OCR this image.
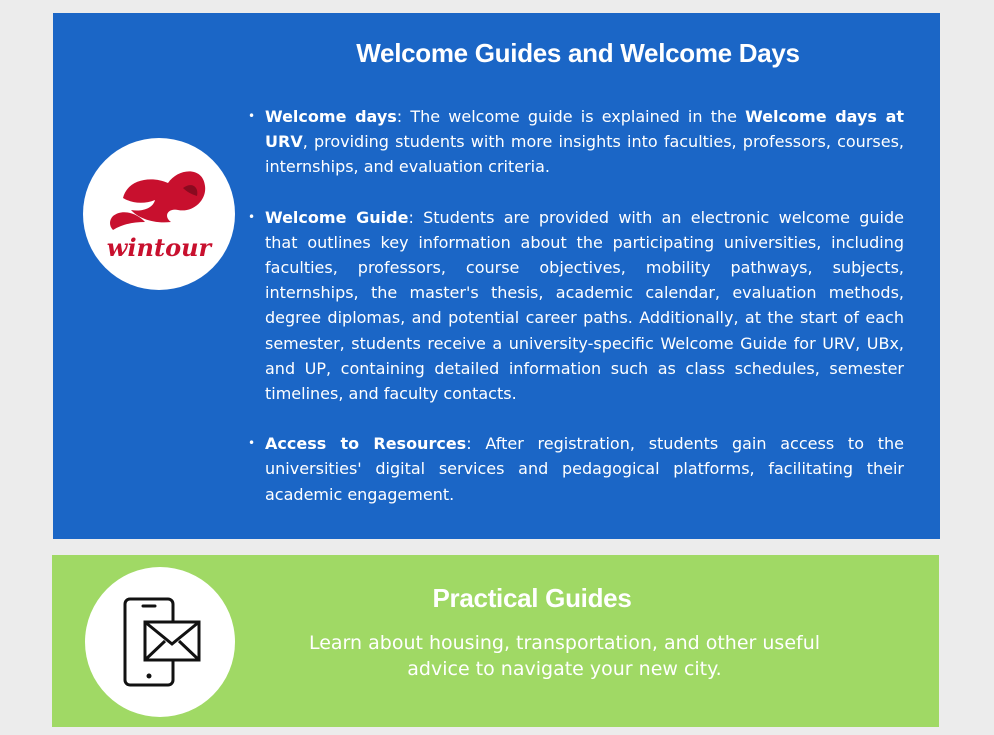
Welcome Guides and Welcome Days
wintour
• Welcome days: The welcome guide is explained in the Welcome days at URV, providing students with more insights into faculties, professors, courses, internships, and evaluation criteria.
• Welcome Guide: Students are provided with an electronic welcome guide that outlines key information about the participating universities, including faculties, professors, course objectives, mobility pathways, subjects, internships, the master's thesis, academic calendar, evaluation methods, degree diplomas, and potential career paths. Additionally, at the start of each semester, students receive a university-specific Welcome Guide for URV, UBx, and UP, containing detailed information such as class schedules, semester timelines, and faculty contacts.
• Access to Resources: After registration, students gain access to the universities' digital services and pedagogical platforms, facilitating their academic engagement.
Practical Guides

Learn about housing, transportation, and other useful advice to navigate your new city.
